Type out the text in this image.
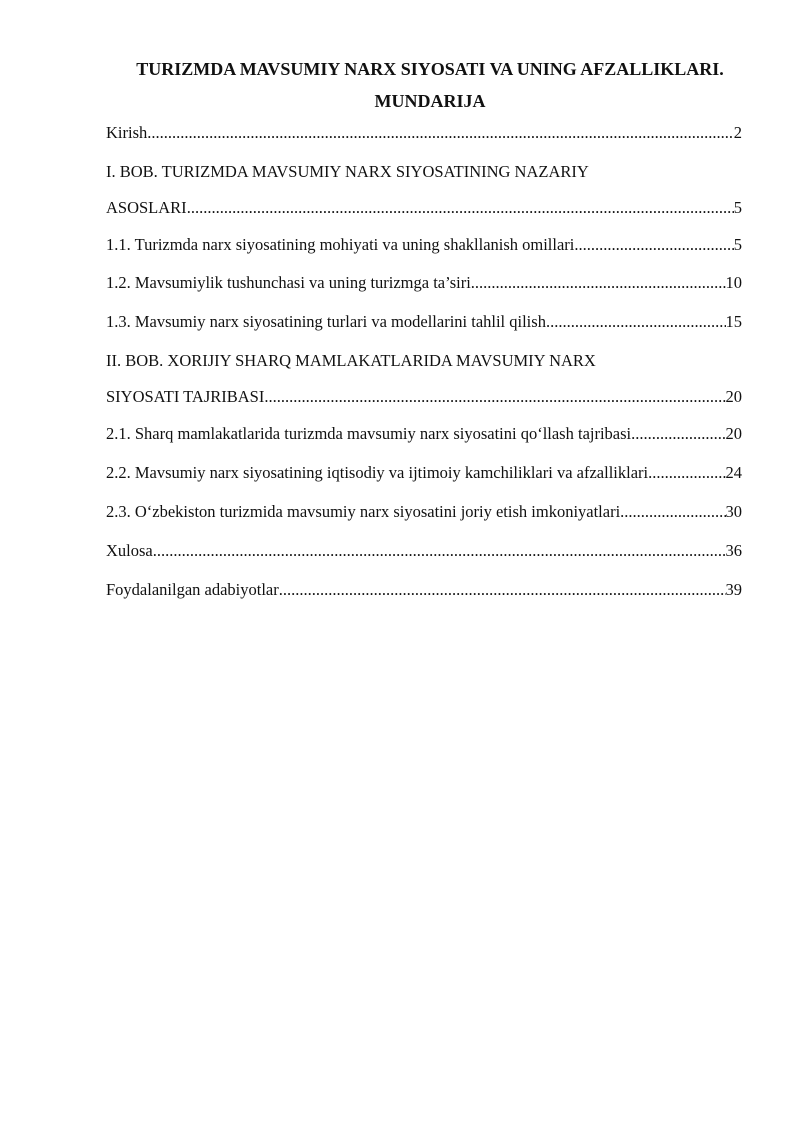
TURIZMDA MAVSUMIY NARX SIYOSATI VA UNING AFZALLIKLARI.
MUNDARIJA
Kirish .....	2
I. BOB. TURIZMDA MAVSUMIY NARX SIYOSATINING NAZARIY
ASOSLARI .....	5
1.1. Turizmda narx siyosatining mohiyati va uning shakllanish omillari .....	5
1.2. Mavsumiylik tushunchasi va uning turizmga ta’siri .....	10
1.3. Mavsumiy narx siyosatining turlari va modellarini tahlil qilish .....	15
II. BOB. XORIJIY SHARQ MAMLAKATLARIDA MAVSUMIY NARX
SIYOSATI TAJRIBASI .....	20
2.1. Sharq mamlakatlarida turizmda mavsumiy narx siyosatini qo‘llash tajribasi .....	20
2.2. Mavsumiy narx siyosatining iqtisodiy va ijtimoiy kamchiliklari va afzalliklari .....	24
2.3. O‘zbekiston turizmida mavsumiy narx siyosatini joriy etish imkoniyatlari .....	30
Xulosa .....	36
Foydalanilgan adabiyotlar .....	39
